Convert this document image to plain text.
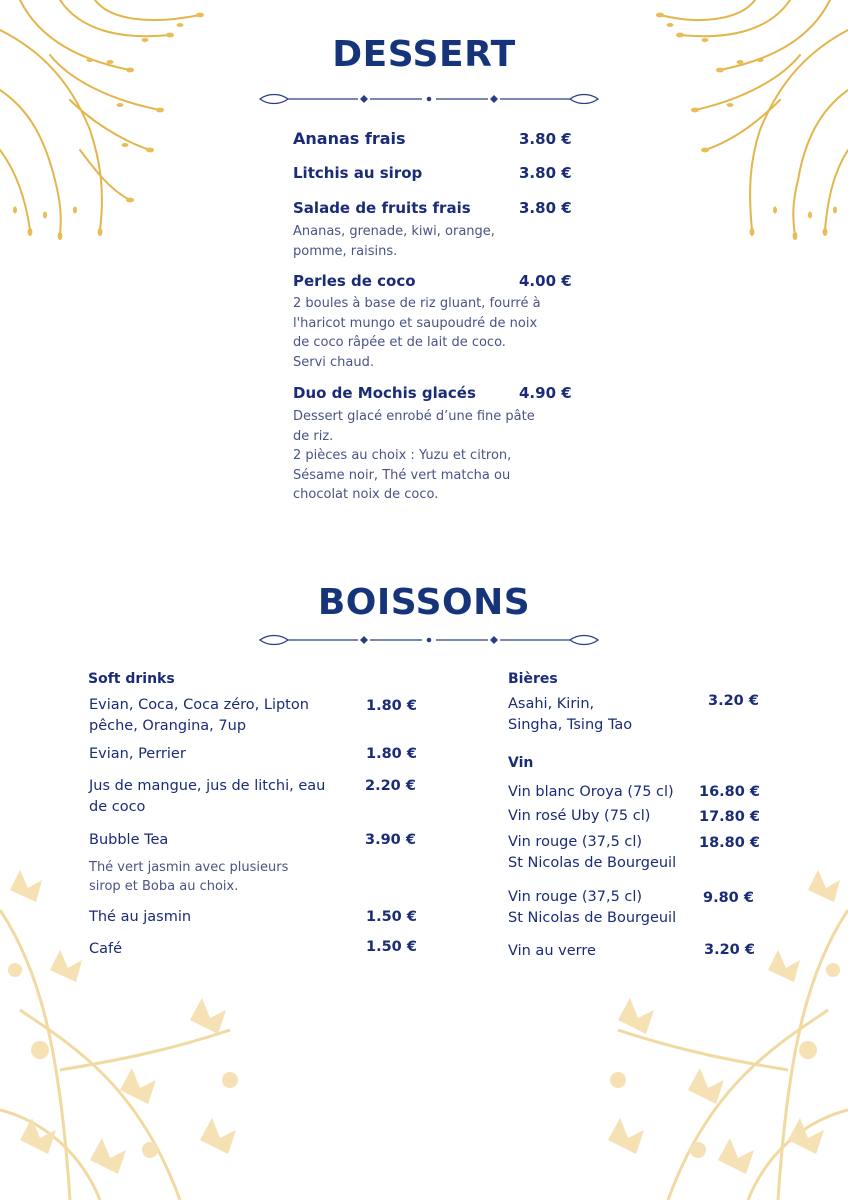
DESSERT
Ananas frais	3.80 €
Litchis au sirop	3.80 €
Salade de fruits frais	3.80 €
Ananas, grenade, kiwi, orange,
pomme, raisins.
Perles de coco	4.00 €
2 boules à base de riz gluant, fourré à
l'haricot mungo et saupoudré de noix
de coco râpée et de lait de coco.
Servi chaud.
Duo de Mochis glacés	4.90 €
Dessert glacé enrobé d’une fine pâte
de riz.
2 pièces au choix : Yuzu et citron,
Sésame noir, Thé vert matcha ou
chocolat noix de coco.
BOISSONS
Soft drinks
Evian, Coca, Coca zéro, Lipton
pêche, Orangina, 7up
1.80 €
Evian, Perrier	1.80 €
Jus de mangue, jus de litchi, eau
de coco
2.20 €
Bubble Tea	3.90 €
Thé vert jasmin avec plusieurs
sirop et Boba au choix.
Thé au jasmin	1.50 €
Café	1.50 €
Bières
Asahi, Kirin,
Singha, Tsing Tao
3.20 €
Vin
Vin blanc Oroya (75 cl) 16.80 €
Vin rosé Uby (75 cl)	17.80 €
Vin rouge (37,5 cl)
St Nicolas de Bourgeuil
18.80 €
Vin rouge (37,5 cl)
St Nicolas de Bourgeuil
9.80 €
Vin au verre	3.20 €
